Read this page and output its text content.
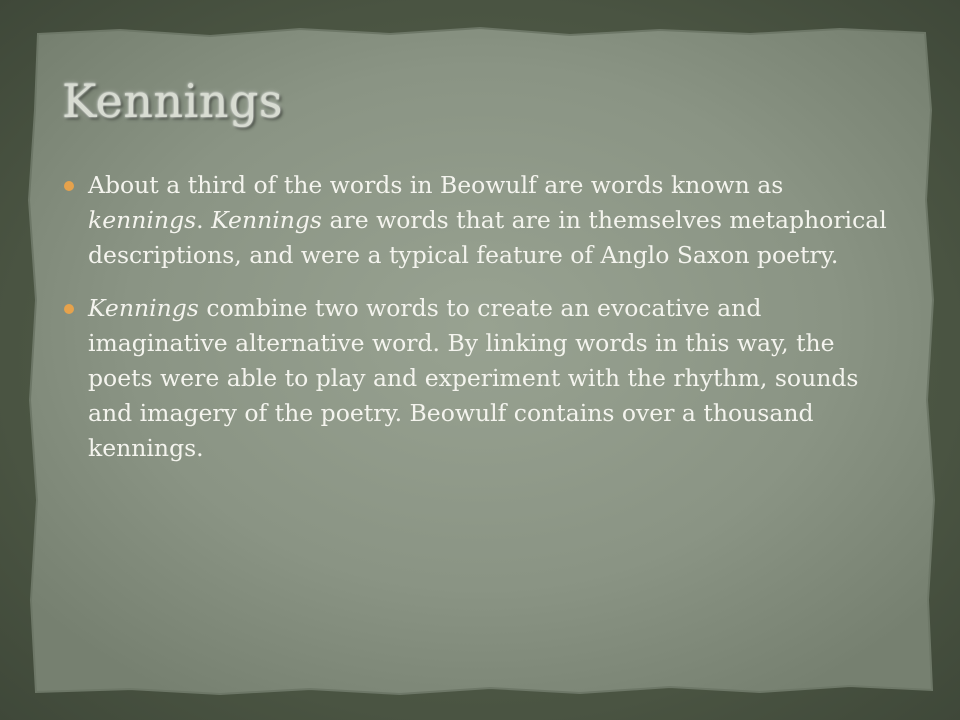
Kennings
About a third of the words in Beowulf are words known as kennings. Kennings are words that are in themselves metaphorical descriptions, and were a typical feature of Anglo Saxon poetry.
Kennings combine two words to create an evocative and imaginative alternative word. By linking words in this way, the poets were able to play and experiment with the rhythm, sounds and imagery of the poetry. Beowulf contains over a thousand kennings.
